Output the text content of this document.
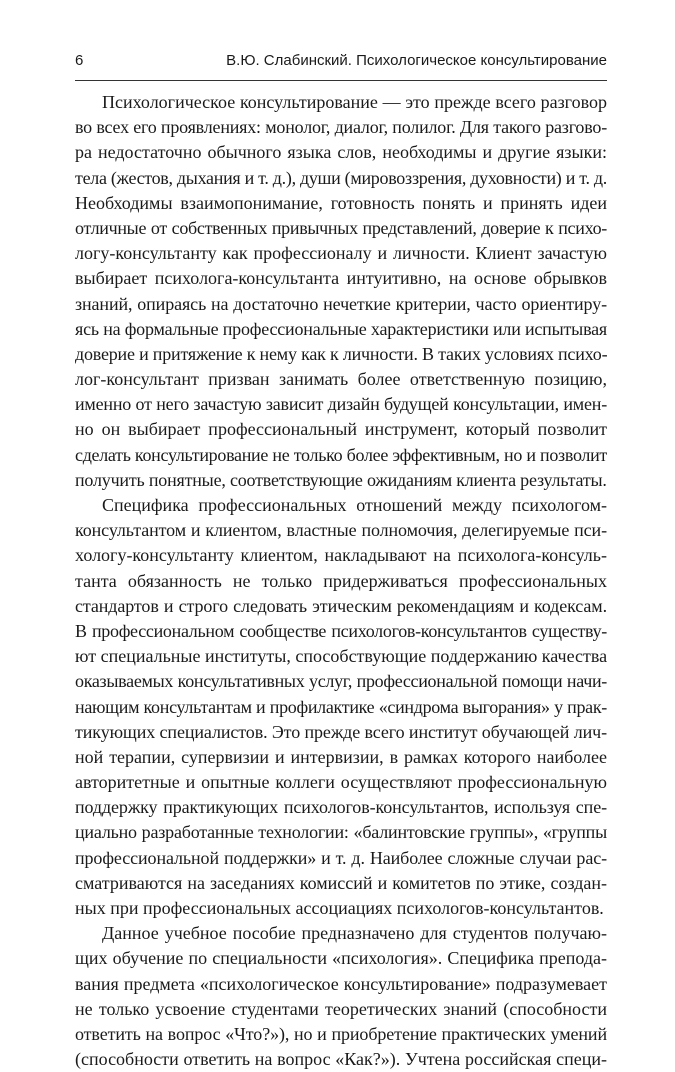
6	В.Ю. Слабинский. Психологическое консультирование
Психологическое консультирование — это прежде всего разговор
во всех его проявлениях: монолог, диалог, полилог. Для такого разгово-
ра недостаточно обычного языка слов, необходимы и другие языки:
тела (жестов, дыхания и т. д.), души (мировоззрения, духовности) и т. д.
Необходимы взаимопонимание, готовность понять и принять идеи
отличные от собственных привычных представлений, доверие к психо-
логу-консультанту как профессионалу и личности. Клиент зачастую
выбирает психолога-консультанта интуитивно, на основе обрывков
знаний, опираясь на достаточно нечеткие критерии, часто ориентиру-
ясь на формальные профессиональные характеристики или испытывая
доверие и притяжение к нему как к личности. В таких условиях психо-
лог-консультант призван занимать более ответственную позицию,
именно от него зачастую зависит дизайн будущей консультации, имен-
но он выбирает профессиональный инструмент, который позволит
сделать консультирование не только более эффективным, но и позволит
получить понятные, соответствующие ожиданиям клиента результаты.
Специфика профессиональных отношений между психологом-
консультантом и клиентом, властные полномочия, делегируемые пси-
хологу-консультанту клиентом, накладывают на психолога-консуль-
танта обязанность не только придерживаться профессиональных
стандартов и строго следовать этическим рекомендациям и кодексам.
В профессиональном сообществе психологов-консультантов существу-
ют специальные институты, способствующие поддержанию качества
оказываемых консультативных услуг, профессиональной помощи начи-
нающим консультантам и профилактике «синдрома выгорания» у прак-
тикующих специалистов. Это прежде всего институт обучающей лич-
ной терапии, супервизии и интервизии, в рамках которого наиболее
авторитетные и опытные коллеги осуществляют профессиональную
поддержку практикующих психологов-консультантов, используя спе-
циально разработанные технологии: «балинтовские группы», «группы
профессиональной поддержки» и т. д. Наиболее сложные случаи рас-
сматриваются на заседаниях комиссий и комитетов по этике, создан-
ных при профессиональных ассоциациях психологов-консультантов.
Данное учебное пособие предназначено для студентов получаю-
щих обучение по специальности «психология». Специфика препода-
вания предмета «психологическое консультирование» подразумевает
не только усвоение студентами теоретических знаний (способности
ответить на вопрос «Что?»), но и приобретение практических умений
(способности ответить на вопрос «Как?»). Учтена российская специ-
